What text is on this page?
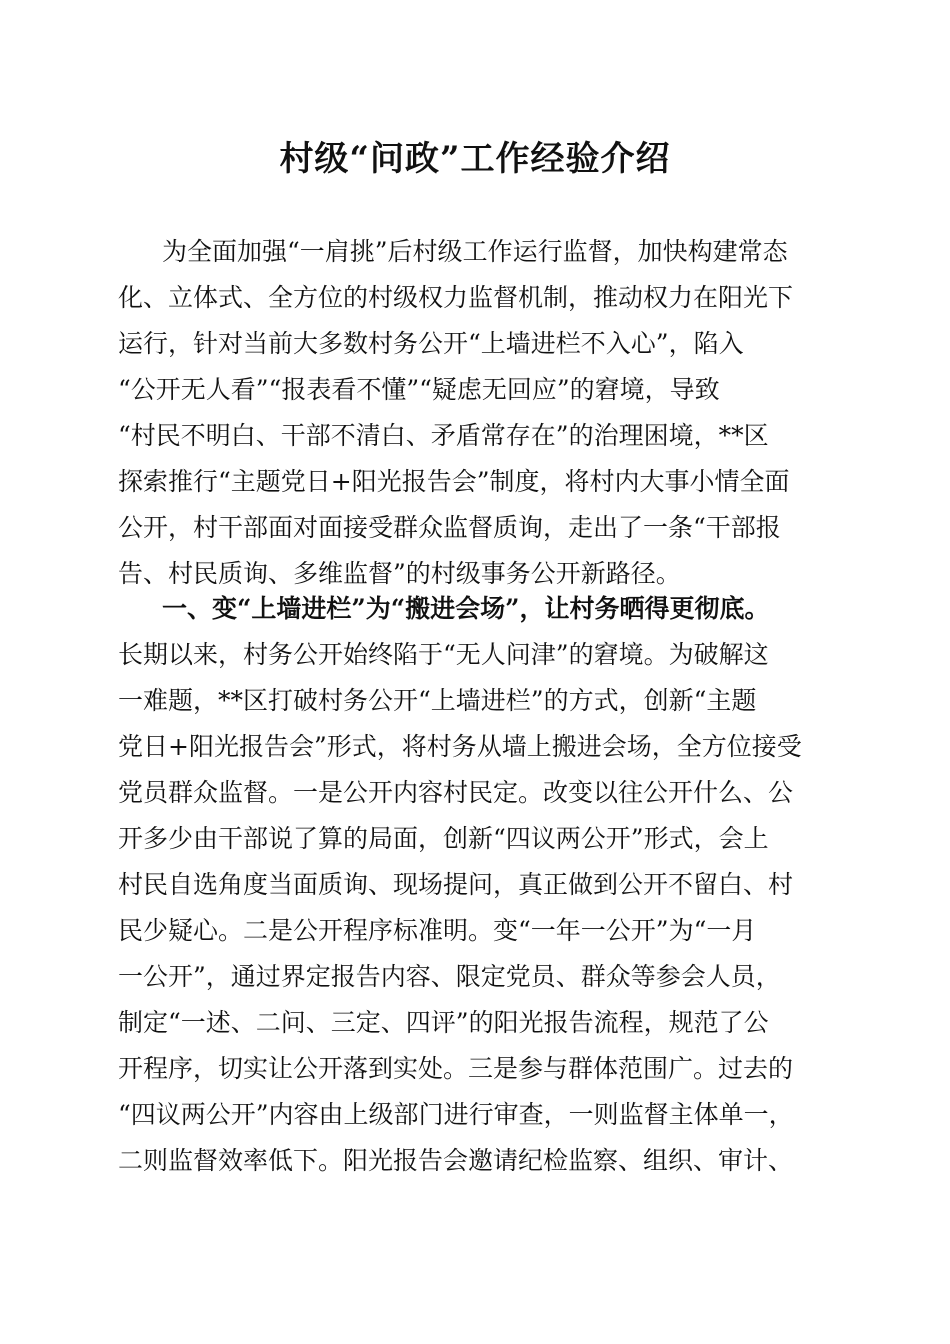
村级“问政”工作经验介绍
为全面加强“一肩挑”后村级工作运行监督，加快构建常态
化、立体式、全方位的村级权力监督机制，推动权力在阳光下
运行，针对当前大多数村务公开“上墙进栏不入心”，陷入
“公开无人看”“报表看不懂”“疑虑无回应”的窘境，导致
“村民不明白、干部不清白、矛盾常存在”的治理困境，**区
探索推行“主题党日+阳光报告会”制度，将村内大事小情全面
公开，村干部面对面接受群众监督质询，走出了一条“干部报
告、村民质询、多维监督”的村级事务公开新路径。
一、变“上墙进栏”为“搬进会场”，让村务晒得更彻底。
长期以来，村务公开始终陷于“无人问津”的窘境。为破解这
一难题，**区打破村务公开“上墙进栏”的方式，创新“主题
党日+阳光报告会”形式，将村务从墙上搬进会场，全方位接受
党员群众监督。一是公开内容村民定。改变以往公开什么、公
开多少由干部说了算的局面，创新“四议两公开”形式，会上
村民自选角度当面质询、现场提问，真正做到公开不留白、村
民少疑心。二是公开程序标准明。变“一年一公开”为“一月
一公开”，通过界定报告内容、限定党员、群众等参会人员，
制定“一述、二问、三定、四评”的阳光报告流程，规范了公
开程序，切实让公开落到实处。三是参与群体范围广。过去的
“四议两公开”内容由上级部门进行审查，一则监督主体单一，
二则监督效率低下。阳光报告会邀请纪检监察、组织、审计、
